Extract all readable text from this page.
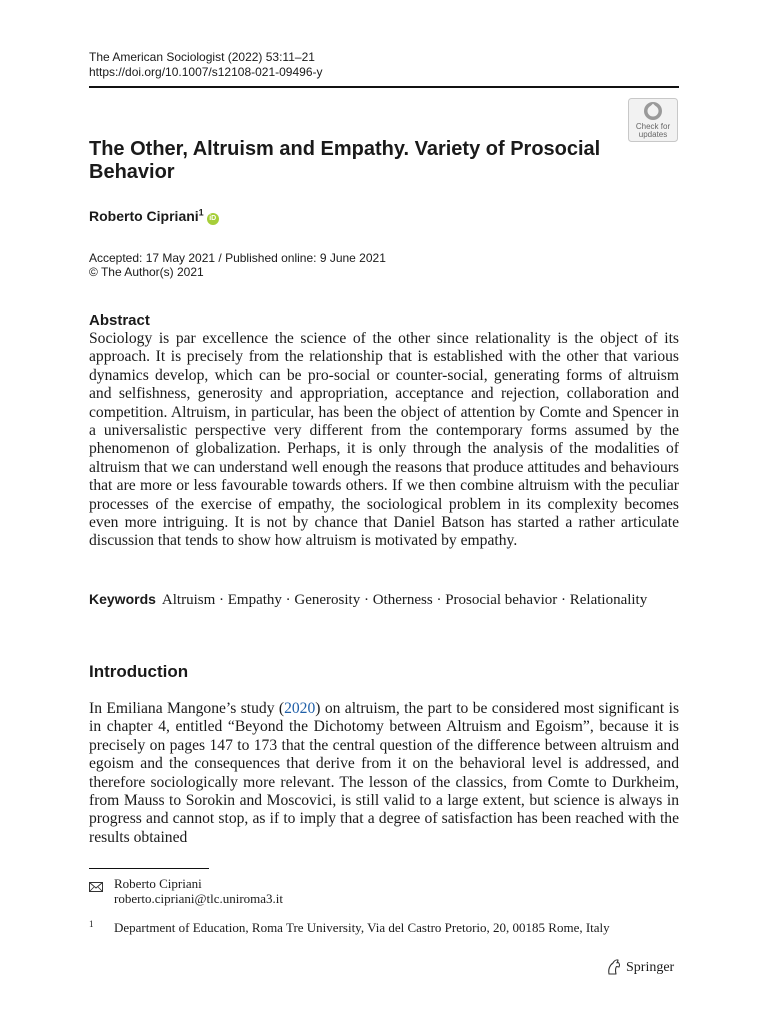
The American Sociologist (2022) 53:11–21
https://doi.org/10.1007/s12108-021-09496-y
Check for
updates
The Other, Altruism and Empathy. Variety of Prosocial Behavior
Roberto Cipriani$^1$iD
Accepted: 17 May 2021 / Published online: 9 June 2021
© The Author(s) 2021
Abstract
Sociology is par excellence the science of the other since relationality is the object of its approach. It is precisely from the relationship that is established with the other that various dynamics develop, which can be pro-social or counter-social, generating forms of altruism and selfishness, generosity and appropriation, acceptance and rejection, collaboration and competition. Altruism, in particular, has been the object of attention by Comte and Spencer in a universalistic perspective very different from the contemporary forms assumed by the phenomenon of globalization. Perhaps, it is only through the analysis of the modalities of altruism that we can understand well enough the reasons that produce attitudes and behaviours that are more or less favourable towards others. If we then combine altruism with the peculiar processes of the exercise of empathy, the sociological problem in its complexity becomes even more intriguing. It is not by chance that Daniel Batson has started a rather articulate discussion that tends to show how altruism is motivated by empathy.
Keywords Altruism · Empathy · Generosity · Otherness · Prosocial behavior · Relationality
Introduction
In Emiliana Mangone’s study (2020) on altruism, the part to be considered most significant is in chapter 4, entitled “Beyond the Dichotomy between Altruism and Egoism”, because it is precisely on pages 147 to 173 that the central question of the difference between altruism and egoism and the consequences that derive from it on the behavioral level is addressed, and therefore sociologically more relevant. The lesson of the classics, from Comte to Durkheim, from Mauss to Sorokin and Moscovici, is still valid to a large extent, but science is always in progress and cannot stop, as if to imply that a degree of satisfaction has been reached with the results obtained
Roberto Cipriani
roberto.cipriani@tlc.uniroma3.it
1 Department of Education, Roma Tre University, Via del Castro Pretorio, 20, 00185 Rome, Italy
Springer
